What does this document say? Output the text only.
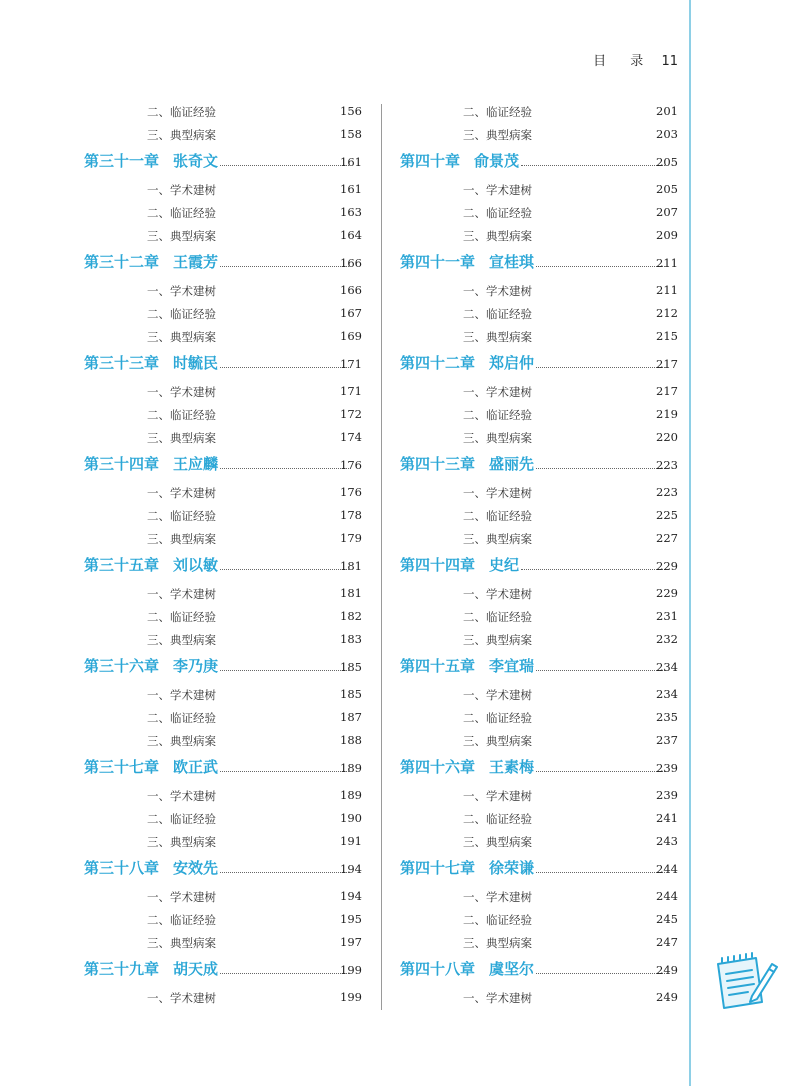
目 录 11
二、临证经验	156
三、典型病案	158
第三十一章 张奇文	161
一、学术建树	161
二、临证经验	163
三、典型病案	164
第三十二章 王霞芳	166
一、学术建树	166
二、临证经验	167
三、典型病案	169
第三十三章 时毓民	171
一、学术建树	171
二、临证经验	172
三、典型病案	174
第三十四章 王应麟	176
一、学术建树	176
二、临证经验	178
三、典型病案	179
第三十五章 刘以敏	181
一、学术建树	181
二、临证经验	182
三、典型病案	183
第三十六章 李乃庚	185
一、学术建树	185
二、临证经验	187
三、典型病案	188
第三十七章 欧正武	189
一、学术建树	189
二、临证经验	190
三、典型病案	191
第三十八章 安效先	194
一、学术建树	194
二、临证经验	195
三、典型病案	197
第三十九章 胡天成	199
一、学术建树	199
二、临证经验	201
三、典型病案	203
第四十章 俞景茂	205
一、学术建树	205
二、临证经验	207
三、典型病案	209
第四十一章 宣桂琪	211
一、学术建树	211
二、临证经验	212
三、典型病案	215
第四十二章 郑启仲	217
一、学术建树	217
二、临证经验	219
三、典型病案	220
第四十三章 盛丽先	223
一、学术建树	223
二、临证经验	225
三、典型病案	227
第四十四章 史纪	229
一、学术建树	229
二、临证经验	231
三、典型病案	232
第四十五章 李宜瑞	234
一、学术建树	234
二、临证经验	235
三、典型病案	237
第四十六章 王素梅	239
一、学术建树	239
二、临证经验	241
三、典型病案	243
第四十七章 徐荣谦	244
一、学术建树	244
二、临证经验	245
三、典型病案	247
第四十八章 虞坚尔	249
一、学术建树	249
